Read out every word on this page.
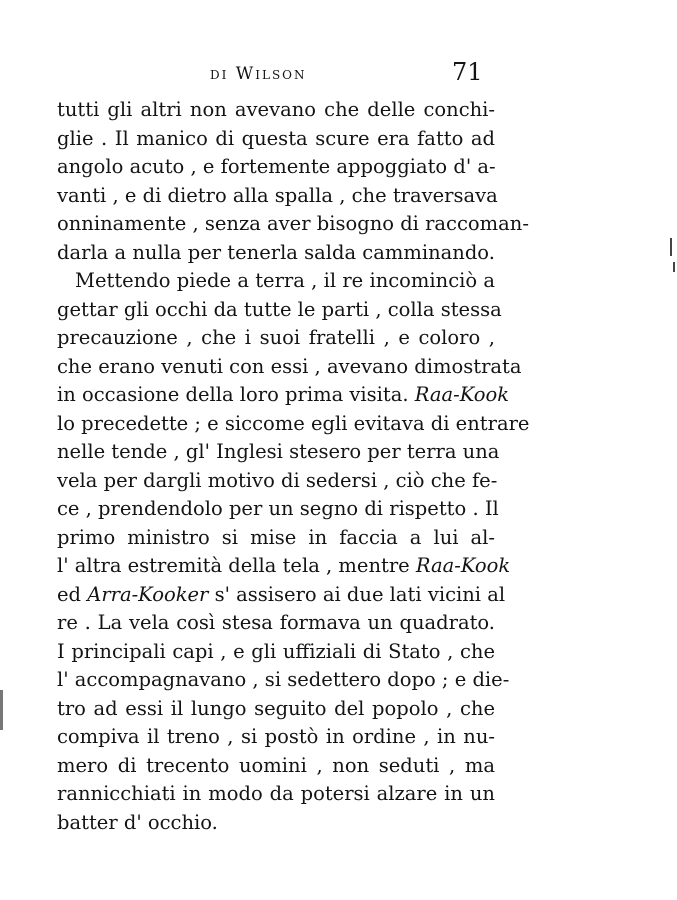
di Wilson	71
tutti gli altri non avevano che delle conchi-
glie . Il manico di questa scure era fatto ad
angolo acuto , e fortemente appoggiato d' a-
vanti , e di dietro alla spalla , che traversava
onninamente , senza aver bisogno di raccoman-
darla a nulla per tenerla salda camminando.
Mettendo piede a terra , il re incominciò a
gettar gli occhi da tutte le parti , colla stessa
precauzione , che i suoi fratelli , e coloro ,
che erano venuti con essi , avevano dimostrata
in occasione della loro prima visita. Raa-Kook
lo precedette ; e siccome egli evitava di entrare
nelle tende , gl' Inglesi stesero per terra una
vela per dargli motivo di sedersi , ciò che fe-
ce , prendendolo per un segno di rispetto . Il
primo ministro si mise in faccia a lui al-
l' altra estremità della tela , mentre Raa-Kook
ed Arra-Kooker s' assisero ai due lati vicini al
re . La vela così stesa formava un quadrato.
I principali capi , e gli uffiziali di Stato , che
l' accompagnavano , si sedettero dopo ; e die-
tro ad essi il lungo seguito del popolo , che
compiva il treno , si postò in ordine , in nu-
mero di trecento uomini , non seduti , ma
rannicchiati in modo da potersi alzare in un
batter d' occhio.
